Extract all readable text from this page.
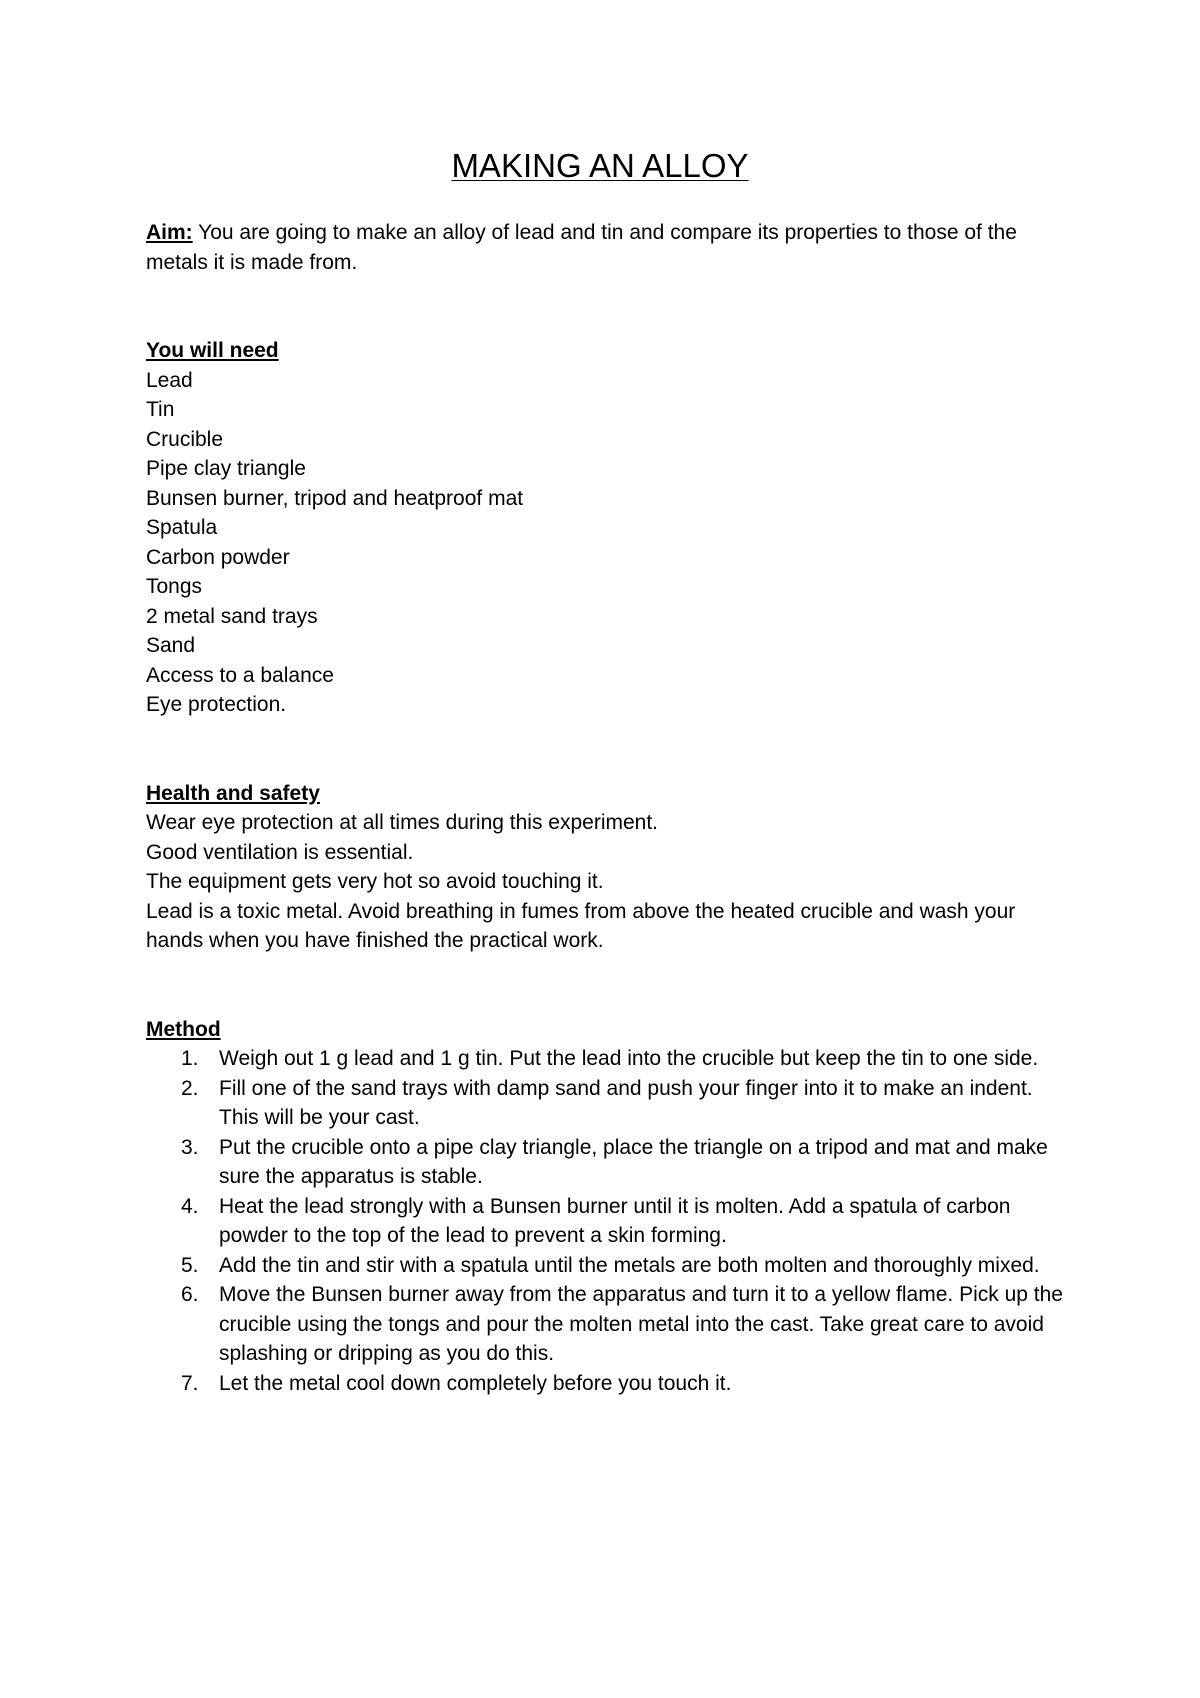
MAKING AN ALLOY

Aim: You are going to make an alloy of lead and tin and compare its properties to those of the metals it is made from.

You will need
Lead
Tin
Crucible
Pipe clay triangle
Bunsen burner, tripod and heatproof mat
Spatula
Carbon powder
Tongs
2 metal sand trays
Sand
Access to a balance
Eye protection.
Health and safety
Wear eye protection at all times during this experiment.
Good ventilation is essential.
The equipment gets very hot so avoid touching it.
Lead is a toxic metal. Avoid breathing in fumes from above the heated crucible and wash your hands when you have finished the practical work.
Method
1. Weigh out 1 g lead and 1 g tin. Put the lead into the crucible but keep the tin to one side.
2. Fill one of the sand trays with damp sand and push your finger into it to make an indent. This will be your cast.
3. Put the crucible onto a pipe clay triangle, place the triangle on a tripod and mat and make sure the apparatus is stable.
4. Heat the lead strongly with a Bunsen burner until it is molten. Add a spatula of carbon powder to the top of the lead to prevent a skin forming.
5. Add the tin and stir with a spatula until the metals are both molten and thoroughly mixed.
6. Move the Bunsen burner away from the apparatus and turn it to a yellow flame. Pick up the crucible using the tongs and pour the molten metal into the cast. Take great care to avoid splashing or dripping as you do this.
7. Let the metal cool down completely before you touch it.
